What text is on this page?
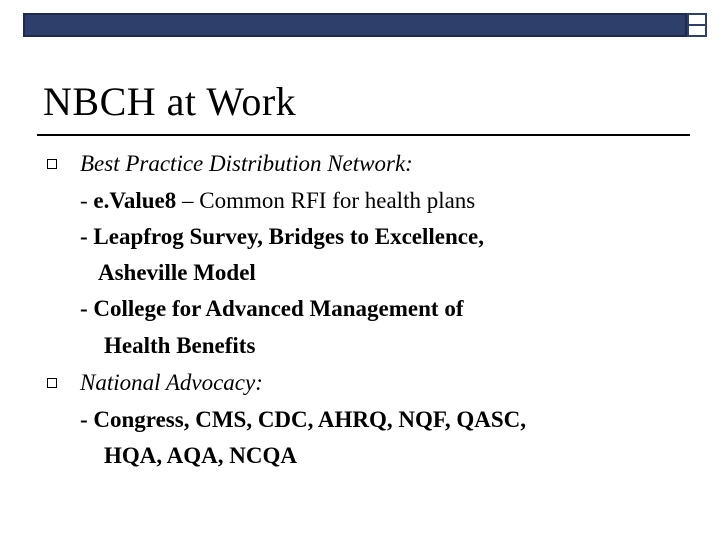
NBCH at Work
Best Practice Distribution Network:
- e.Value8 – Common RFI for health plans
- Leapfrog Survey, Bridges to Excellence,
Asheville Model
- College for Advanced Management of
Health Benefits
National Advocacy:
- Congress, CMS, CDC, AHRQ, NQF, QASC,
HQA, AQA, NCQA
